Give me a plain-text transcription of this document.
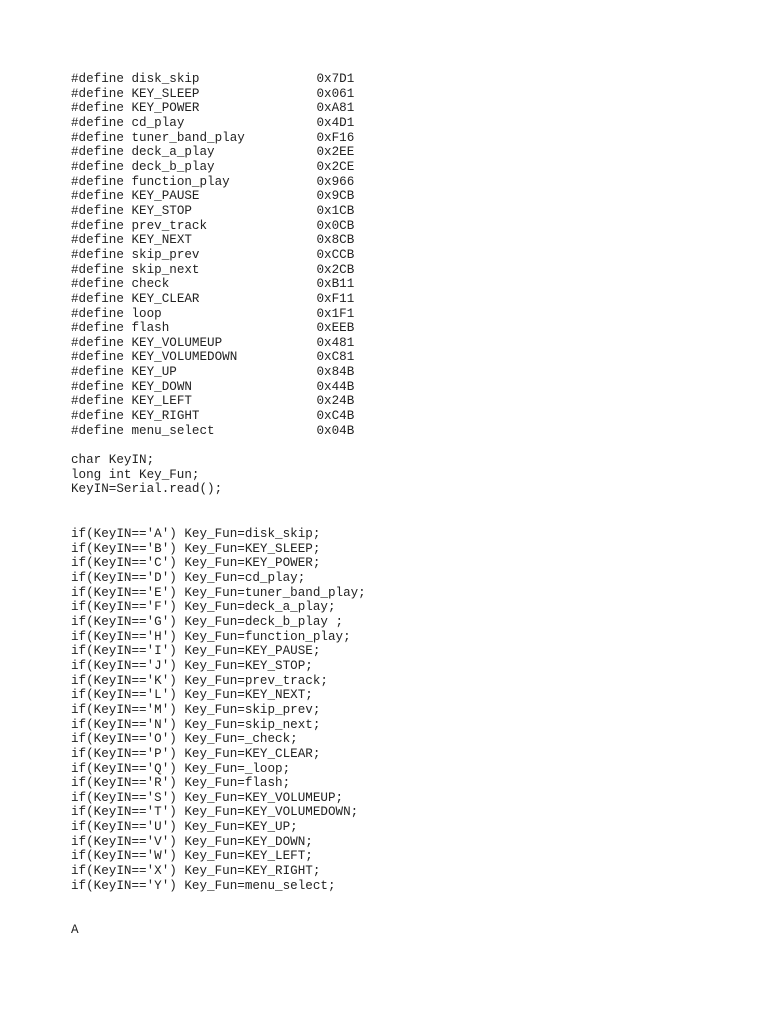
#define disk_skip	0x7D1
#define KEY_SLEEP	0x061
#define KEY_POWER	0xA81
#define cd_play	0x4D1
#define tuner_band_play	0xF16
#define deck_a_play	0x2EE
#define deck_b_play	0x2CE
#define function_play	0x966
#define KEY_PAUSE	0x9CB
#define KEY_STOP	0x1CB
#define prev_track	0x0CB
#define KEY_NEXT	0x8CB
#define skip_prev	0xCCB
#define skip_next	0x2CB
#define check	0xB11
#define KEY_CLEAR	0xF11
#define loop	0x1F1
#define flash	0xEEB
#define KEY_VOLUMEUP	0x481
#define KEY_VOLUMEDOWN	0xC81
#define KEY_UP	0x84B
#define KEY_DOWN	0x44B
#define KEY_LEFT	0x24B
#define KEY_RIGHT	0xC4B
#define menu_select	0x04B
char KeyIN;
long int Key_Fun;
KeyIN=Serial.read();
if(KeyIN=='A') Key_Fun=disk_skip;
if(KeyIN=='B') Key_Fun=KEY_SLEEP;
if(KeyIN=='C') Key_Fun=KEY_POWER;
if(KeyIN=='D') Key_Fun=cd_play;
if(KeyIN=='E') Key_Fun=tuner_band_play;
if(KeyIN=='F') Key_Fun=deck_a_play;
if(KeyIN=='G') Key_Fun=deck_b_play ;
if(KeyIN=='H') Key_Fun=function_play;
if(KeyIN=='I') Key_Fun=KEY_PAUSE;
if(KeyIN=='J') Key_Fun=KEY_STOP;
if(KeyIN=='K') Key_Fun=prev_track;
if(KeyIN=='L') Key_Fun=KEY_NEXT;
if(KeyIN=='M') Key_Fun=skip_prev;
if(KeyIN=='N') Key_Fun=skip_next;
if(KeyIN=='O') Key_Fun=_check;
if(KeyIN=='P') Key_Fun=KEY_CLEAR;
if(KeyIN=='Q') Key_Fun=_loop;
if(KeyIN=='R') Key_Fun=flash;
if(KeyIN=='S') Key_Fun=KEY_VOLUMEUP;
if(KeyIN=='T') Key_Fun=KEY_VOLUMEDOWN;
if(KeyIN=='U') Key_Fun=KEY_UP;
if(KeyIN=='V') Key_Fun=KEY_DOWN;
if(KeyIN=='W') Key_Fun=KEY_LEFT;
if(KeyIN=='X') Key_Fun=KEY_RIGHT;
if(KeyIN=='Y') Key_Fun=menu_select;
A
